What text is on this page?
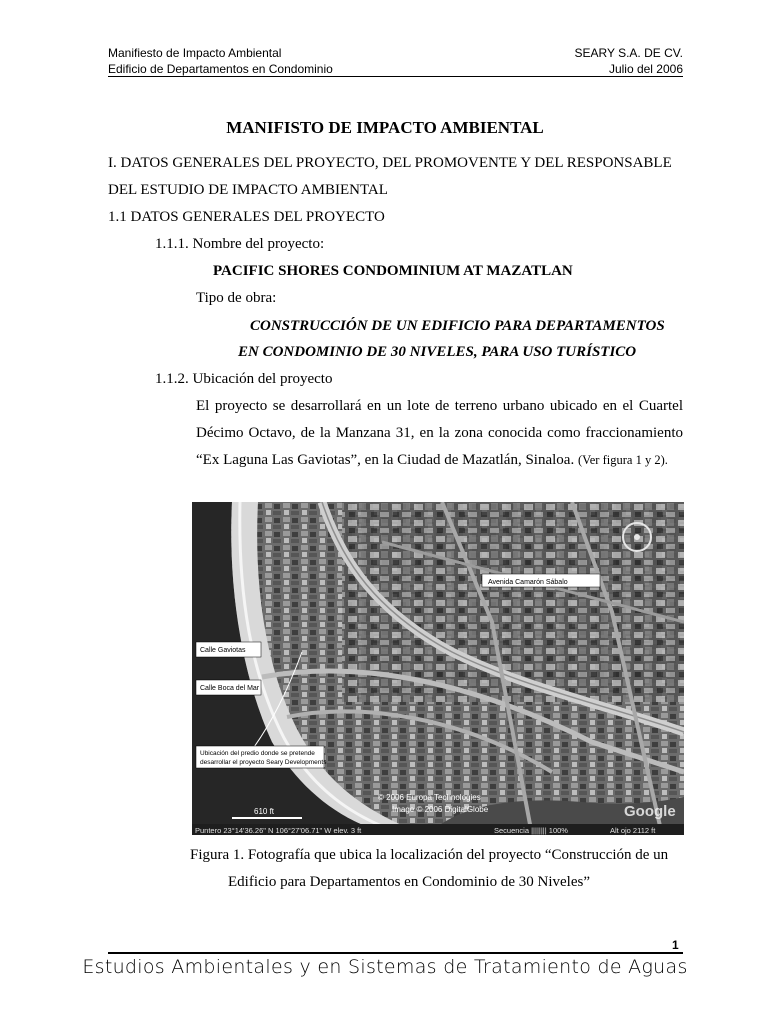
Manifiesto de Impacto Ambiental	SEARY S.A. DE CV.
Edificio de Departamentos en Condominio	Julio del 2006
MANIFISTO DE IMPACTO AMBIENTAL
I. DATOS GENERALES DEL PROYECTO, DEL PROMOVENTE Y DEL RESPONSABLE
DEL ESTUDIO DE IMPACTO AMBIENTAL
1.1 DATOS GENERALES DEL PROYECTO
1.1.1. Nombre del proyecto:
PACIFIC SHORES CONDOMINIUM AT MAZATLAN
Tipo de obra:
CONSTRUCCIÓN DE UN EDIFICIO PARA DEPARTAMENTOS
EN CONDOMINIO DE 30 NIVELES, PARA USO TURÍSTICO
1.1.2. Ubicación del proyecto
El proyecto se desarrollará en un lote de terreno urbano ubicado en el Cuartel
Décimo Octavo, de la Manzana 31, en la zona conocida como fraccionamiento
“Ex Laguna Las Gaviotas”, en la Ciudad de Mazatlán, Sinaloa. (Ver figura 1 y 2).
Avenida Camarón Sábalo
Calle Gaviotas
Calle Boca del Mar
Ubicación del predio donde se pretende
desarrollar el proyecto Seary Developments
© 2006 Europa Technologies
Image © 2006 DigitalGlobe
610 ft	Google
Puntero 23°14'36.26" N 106°27'06.71" W elev. 3 ft	Secuencia |||||||| 100%	Alt ojo 2112 ft
Figura 1. Fotografía que ubica la localización del proyecto “Construcción de un
Edificio para Departamentos en Condominio de 30 Niveles”
1
Estudios Ambientales y en Sistemas de Tratamiento de Aguas
